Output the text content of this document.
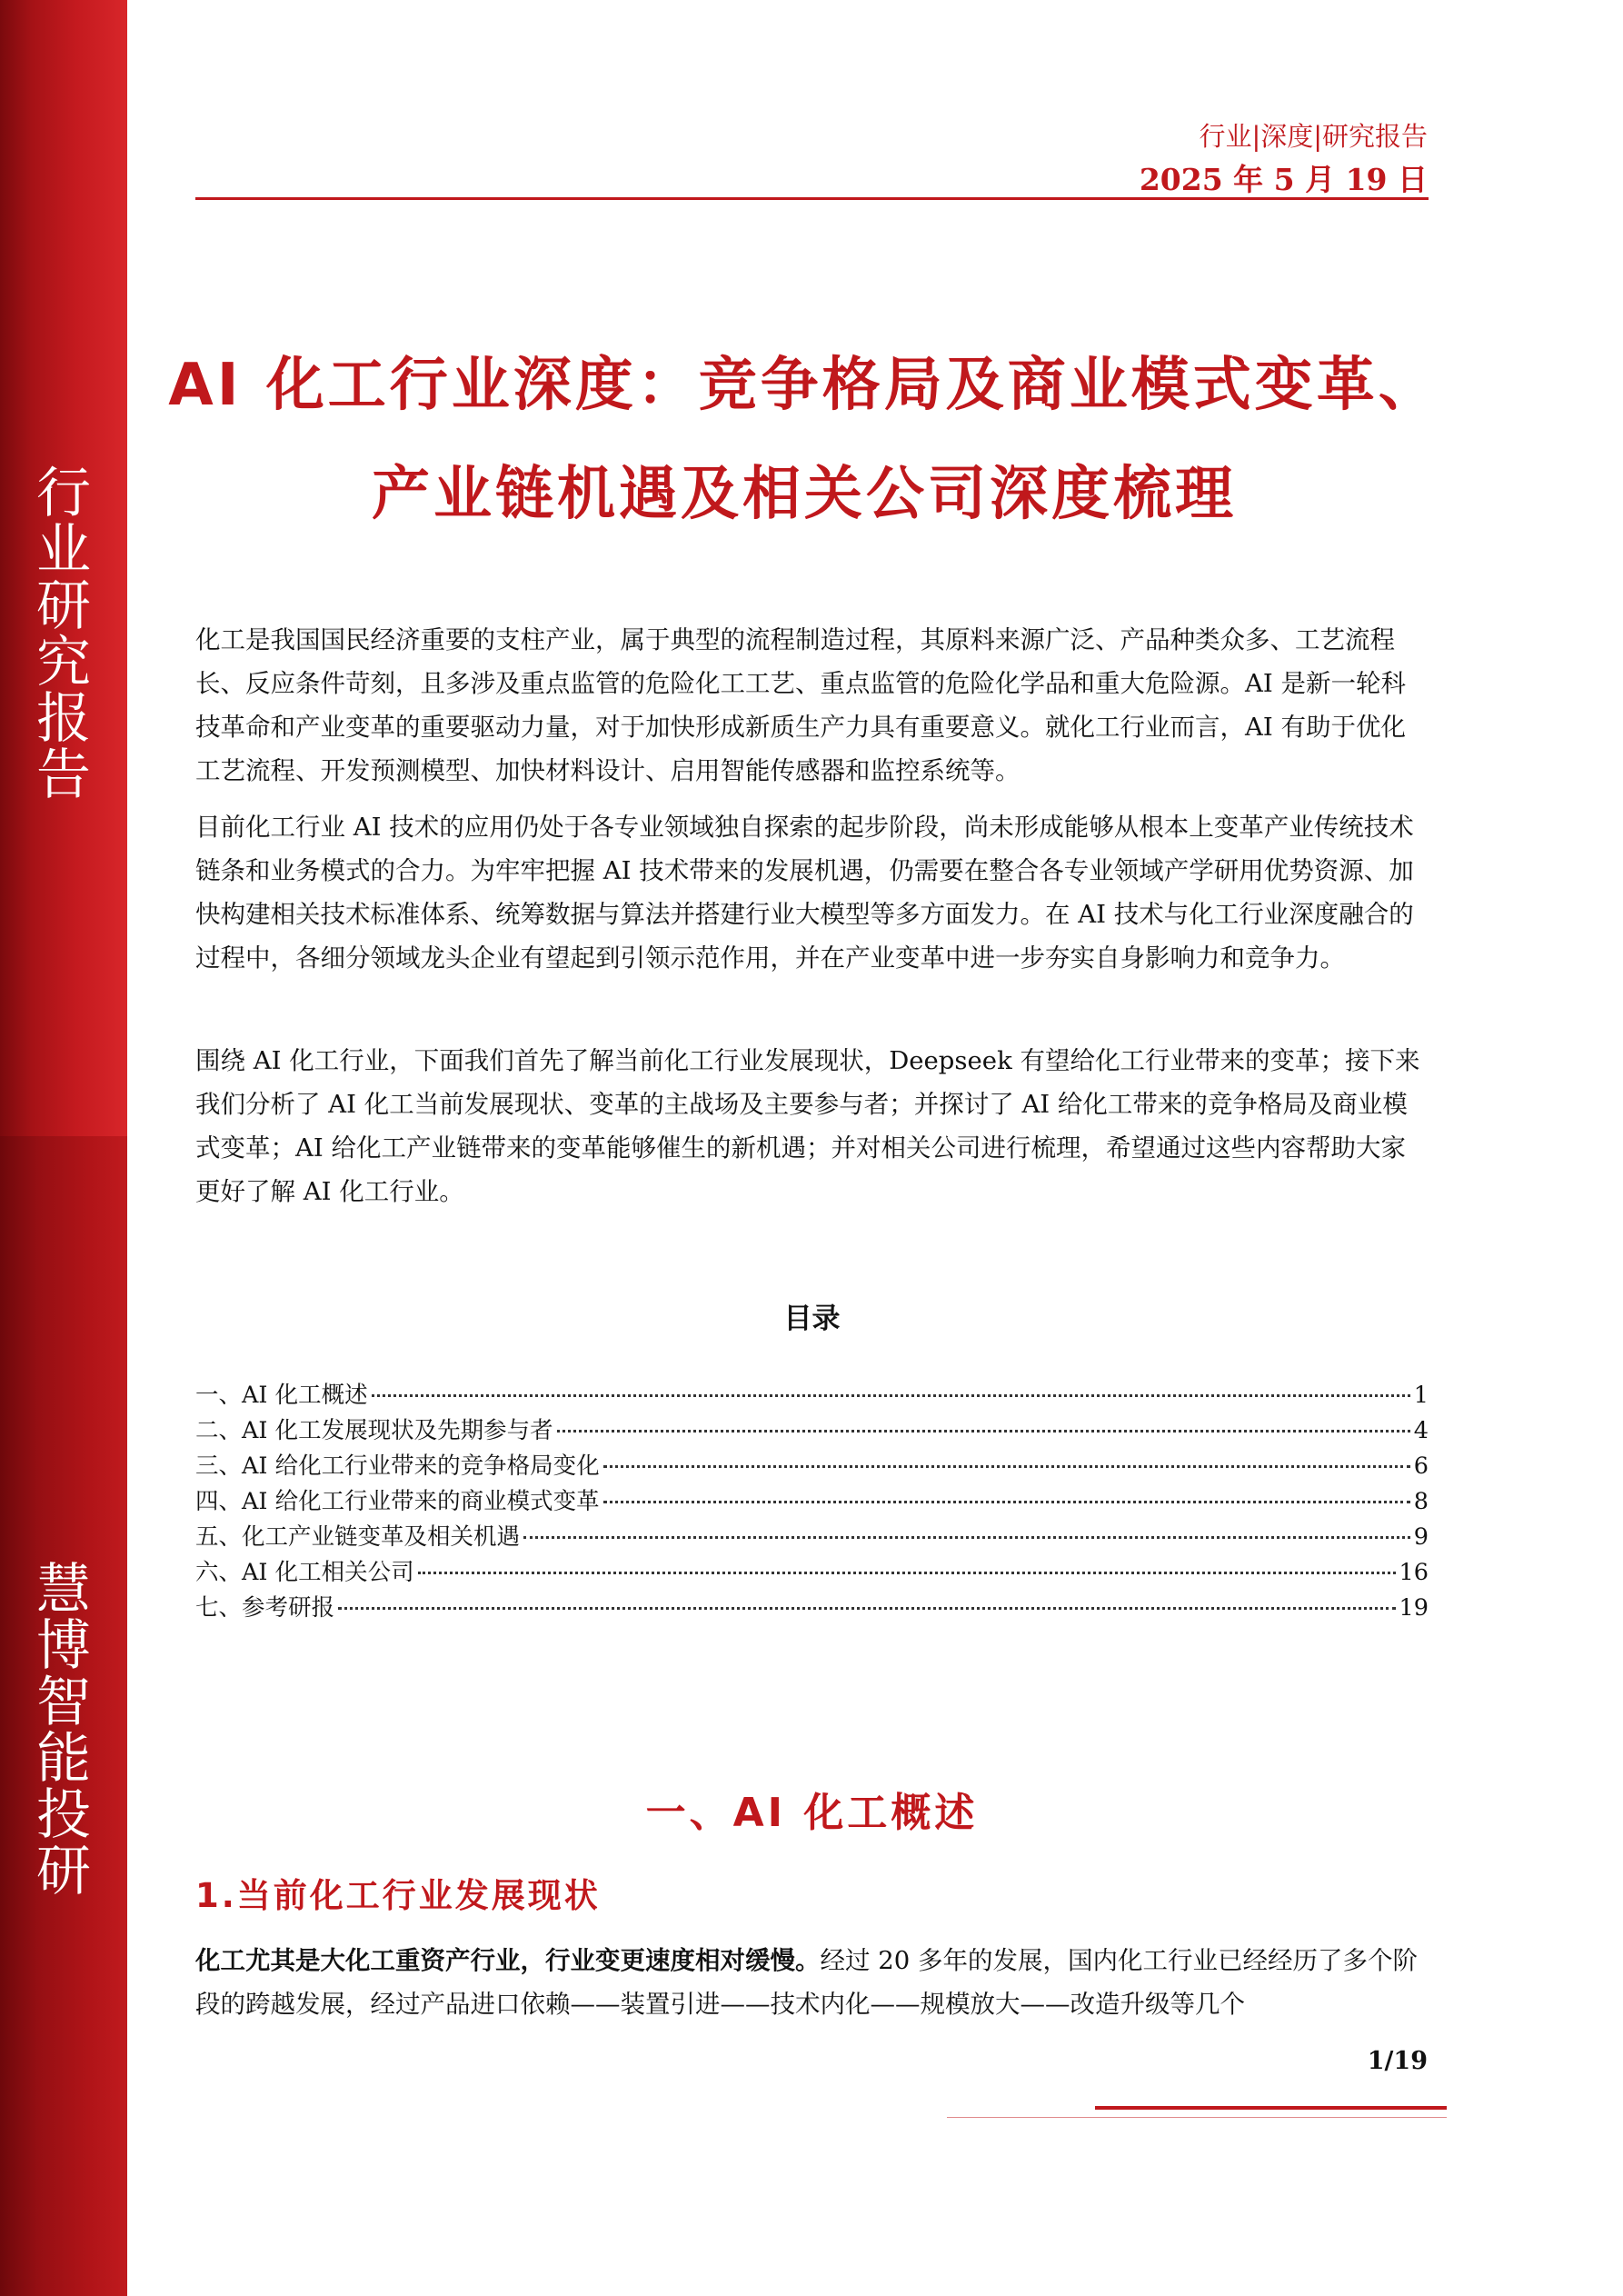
行业研究报告
慧博智能投研
行业|深度|研究报告
2025 年 5 月 19 日
AI 化工行业深度：竞争格局及商业模式变革、
产业链机遇及相关公司深度梳理

化工是我国国民经济重要的支柱产业，属于典型的流程制造过程，其原料来源广泛、产品种类众多、工艺流程长、反应条件苛刻，且多涉及重点监管的危险化工工艺、重点监管的危险化学品和重大危险源。AI 是新一轮科技革命和产业变革的重要驱动力量，对于加快形成新质生产力具有重要意义。就化工行业而言，AI 有助于优化工艺流程、开发预测模型、加快材料设计、启用智能传感器和监控系统等。

目前化工行业 AI 技术的应用仍处于各专业领域独自探索的起步阶段，尚未形成能够从根本上变革产业传统技术链条和业务模式的合力。为牢牢把握 AI 技术带来的发展机遇，仍需要在整合各专业领域产学研用优势资源、加快构建相关技术标准体系、统筹数据与算法并搭建行业大模型等多方面发力。在 AI 技术与化工行业深度融合的过程中，各细分领域龙头企业有望起到引领示范作用，并在产业变革中进一步夯实自身影响力和竞争力。

围绕 AI 化工行业，下面我们首先了解当前化工行业发展现状，Deepseek 有望给化工行业带来的变革；接下来我们分析了 AI 化工当前发展现状、变革的主战场及主要参与者；并探讨了 AI 给化工带来的竞争格局及商业模式变革；AI 给化工产业链带来的变革能够催生的新机遇；并对相关公司进行梳理，希望通过这些内容帮助大家更好了解 AI 化工行业。

目录
一、AI 化工概述	1
二、AI 化工发展现状及先期参与者	4
三、AI 给化工行业带来的竞争格局变化	6
四、AI 给化工行业带来的商业模式变革	8
五、化工产业链变革及相关机遇	9
六、AI 化工相关公司	16
七、参考研报	19
一、AI 化工概述
1.当前化工行业发展现状

化工尤其是大化工重资产行业，行业变更速度相对缓慢。经过 20 多年的发展，国内化工行业已经经历了多个阶段的跨越发展，经过产品进口依赖——装置引进——技术内化——规模放大——改造升级等几个

1/19
